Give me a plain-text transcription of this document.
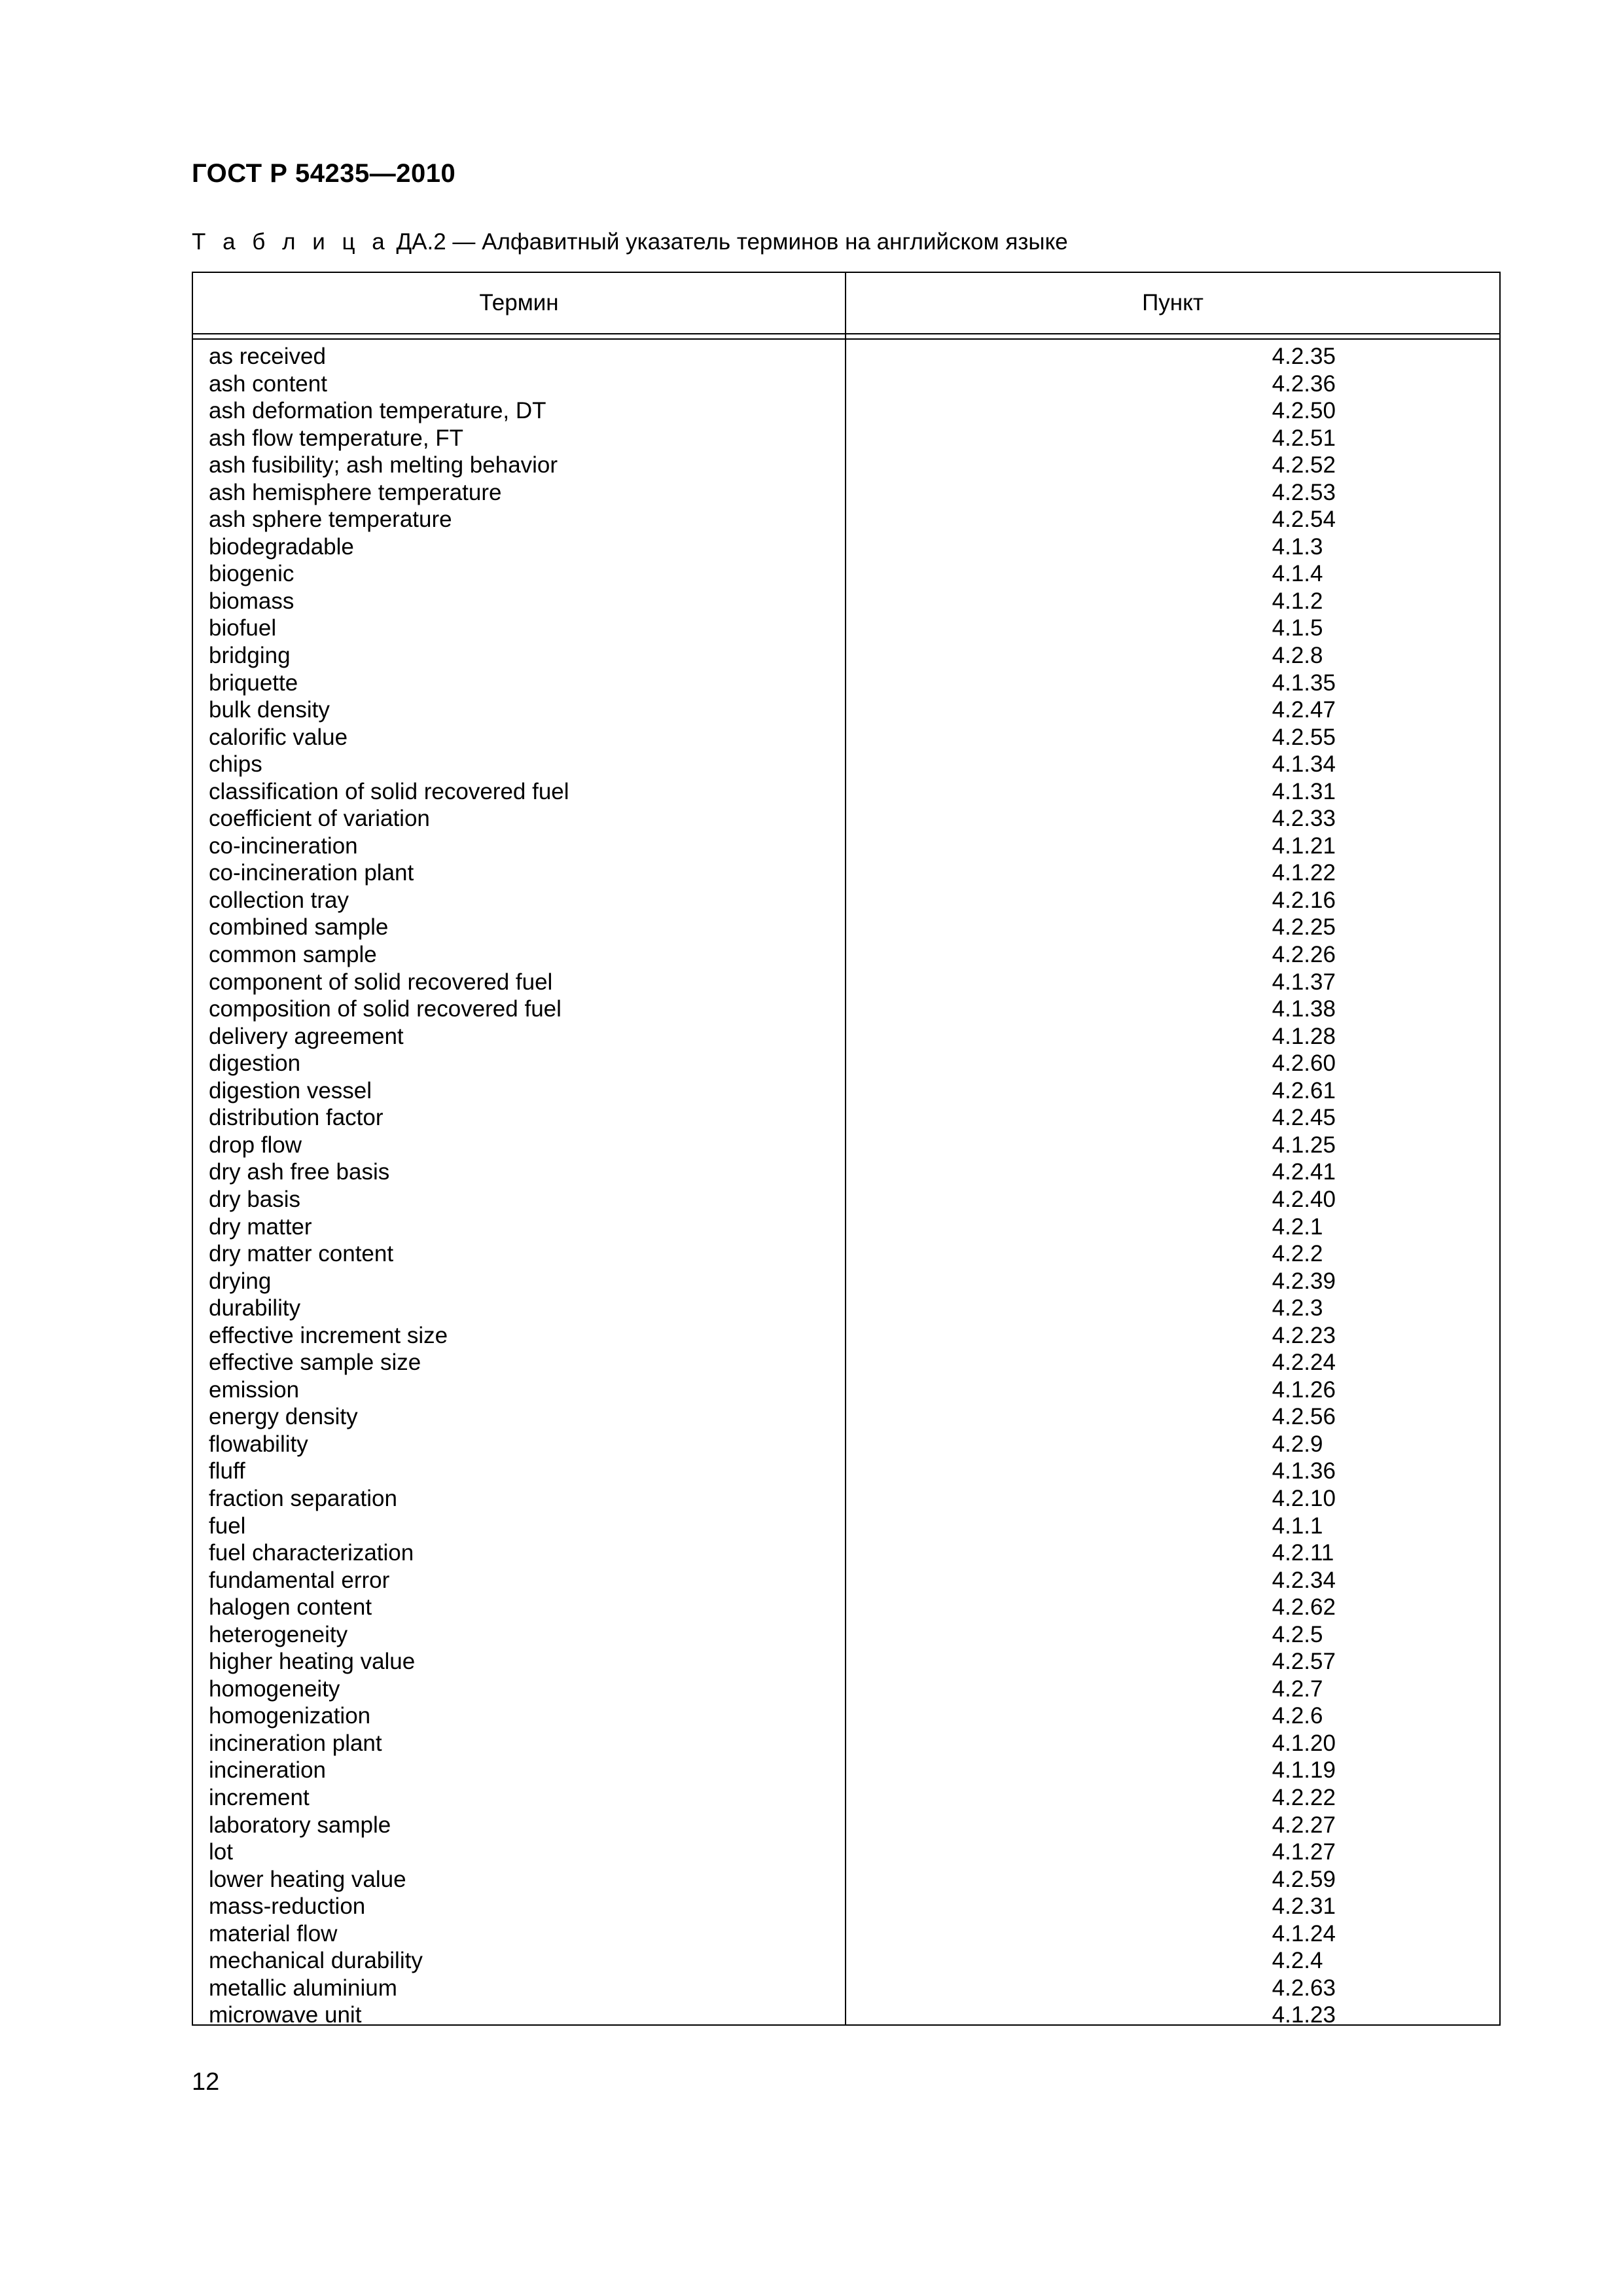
ГОСТ Р 54235—2010
Т а б л и ц а ДА.2 — Алфавитный указатель терминов на английском языке
Термин	Пункт
as received	4.2.35
ash content	4.2.36
ash deformation temperature, DT	4.2.50
ash flow temperature, FT	4.2.51
ash fusibility; ash melting behavior	4.2.52
ash hemisphere temperature	4.2.53
ash sphere temperature	4.2.54
biodegradable	4.1.3
biogenic	4.1.4
biomass	4.1.2
biofuel	4.1.5
bridging	4.2.8
briquette	4.1.35
bulk density	4.2.47
calorific value	4.2.55
chips	4.1.34
classification of solid recovered fuel	4.1.31
coefficient of variation	4.2.33
co-incineration	4.1.21
co-incineration plant	4.1.22
collection tray	4.2.16
combined sample	4.2.25
common sample	4.2.26
component of solid recovered fuel	4.1.37
composition of solid recovered fuel	4.1.38
delivery agreement	4.1.28
digestion	4.2.60
digestion vessel	4.2.61
distribution factor	4.2.45
drop flow	4.1.25
dry ash free basis	4.2.41
dry basis	4.2.40
dry matter	4.2.1
dry matter content	4.2.2
drying	4.2.39
durability	4.2.3
effective increment size	4.2.23
effective sample size	4.2.24
emission	4.1.26
energy density	4.2.56
flowability	4.2.9
fluff	4.1.36
fraction separation	4.2.10
fuel	4.1.1
fuel characterization	4.2.11
fundamental error	4.2.34
halogen content	4.2.62
heterogeneity	4.2.5
higher heating value	4.2.57
homogeneity	4.2.7
homogenization	4.2.6
incineration plant	4.1.20
incineration	4.1.19
increment	4.2.22
laboratory sample	4.2.27
lot	4.1.27
lower heating value	4.2.59
mass-reduction	4.2.31
material flow	4.1.24
mechanical durability	4.2.4
metallic aluminium	4.2.63
microwave unit	4.1.23
12
